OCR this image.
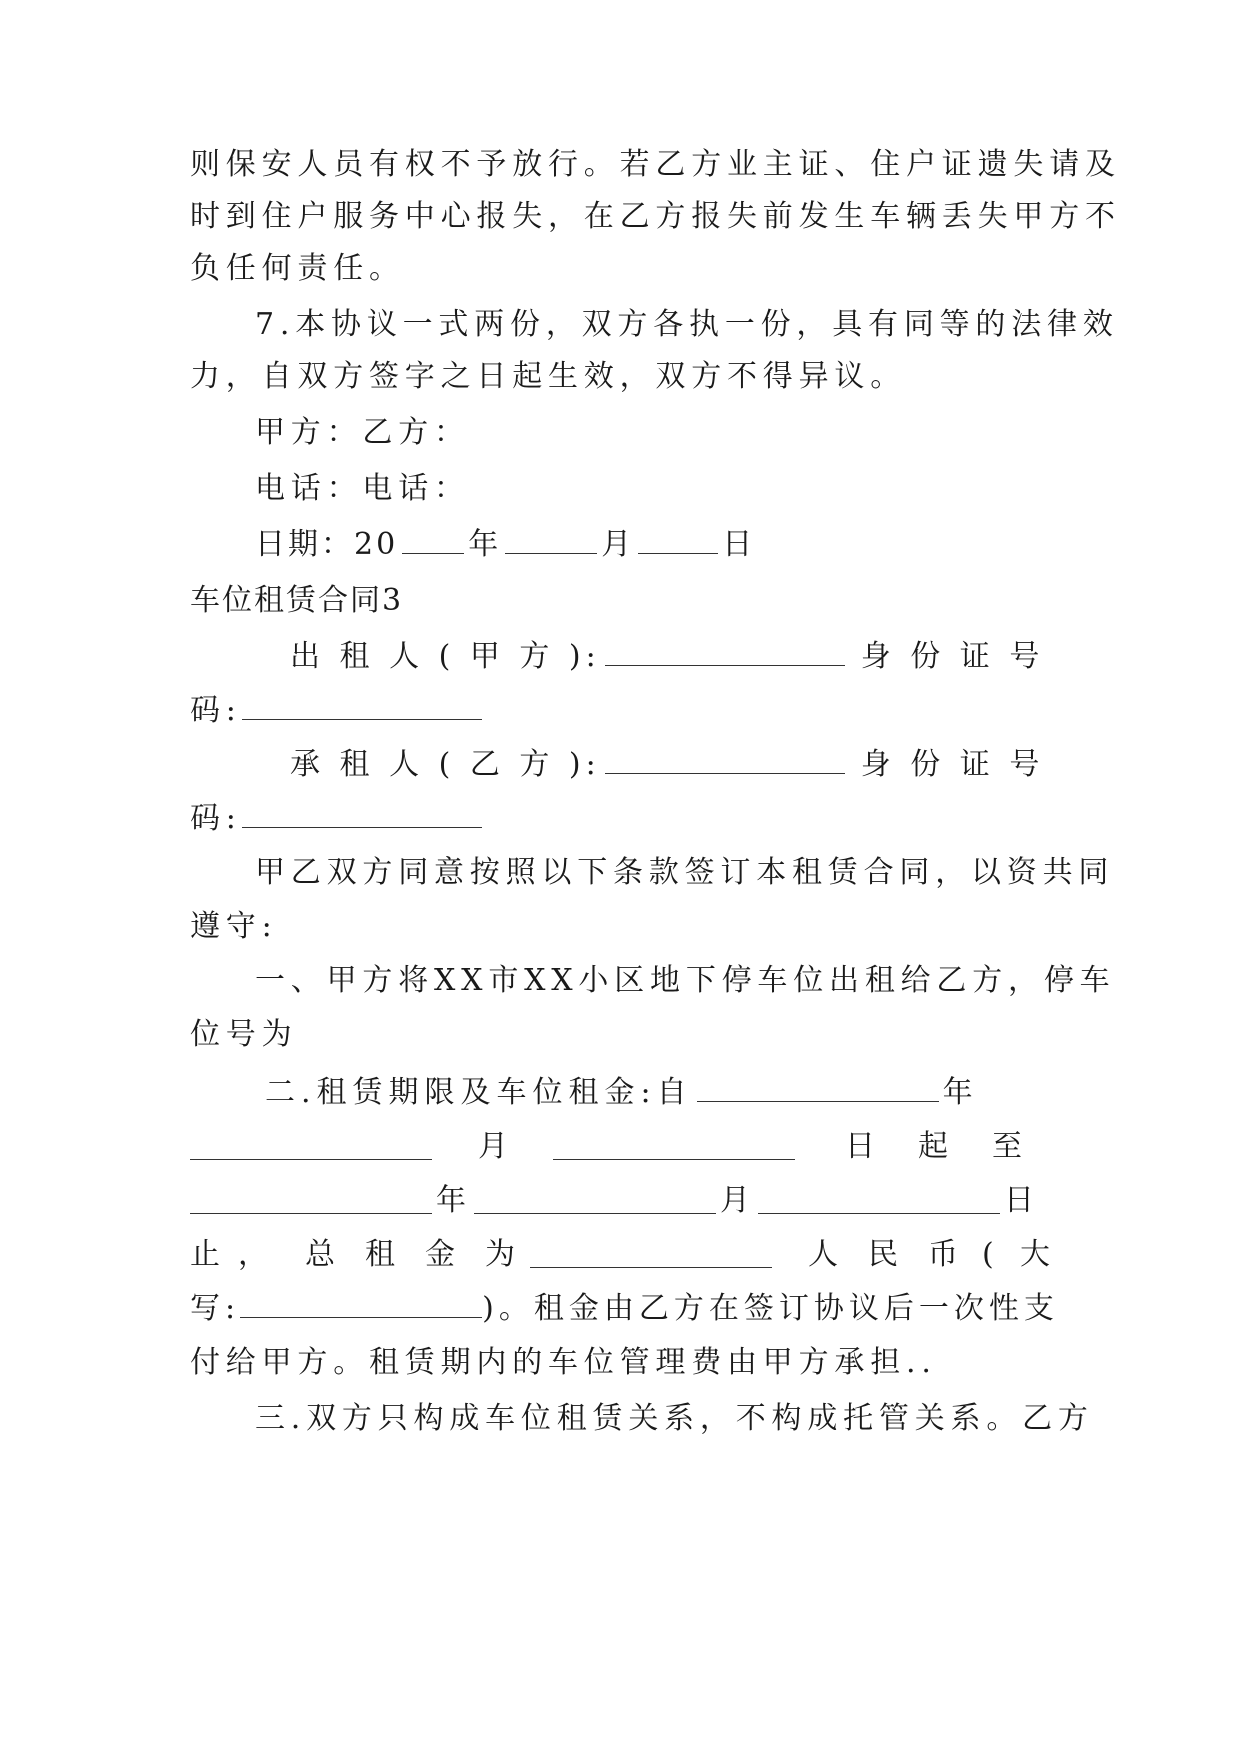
则保安人员有权不予放行。若乙方业主证、住户证遗失请及
时到住户服务中心报失，在乙方报失前发生车辆丢失甲方不
负任何责任。
7.本协议一式两份，双方各执一份，具有同等的法律效
力，自双方签字之日起生效，双方不得异议。
甲方：乙方：
电话：电话：
日期：20 年	月	日
车位租赁合同3
出 租 人 ( 甲 方 ):	身 份 证 号
码:
承 租 人 ( 乙 方 ):	身 份 证 号
码:
甲乙双方同意按照以下条款签订本租赁合同，以资共同
遵守:
一、甲方将XX市XX小区地下停车位出租给乙方，停车
位号为
二.租赁期限及车位租金:自	年
月	日 起 至
年	月	日
止 ， 总 租 金 为	人 民 币 ( 大
写:	)。租金由乙方在签订协议后一次性支
付给甲方。租赁期内的车位管理费由甲方承担..
三.双方只构成车位租赁关系，不构成托管关系。乙方
